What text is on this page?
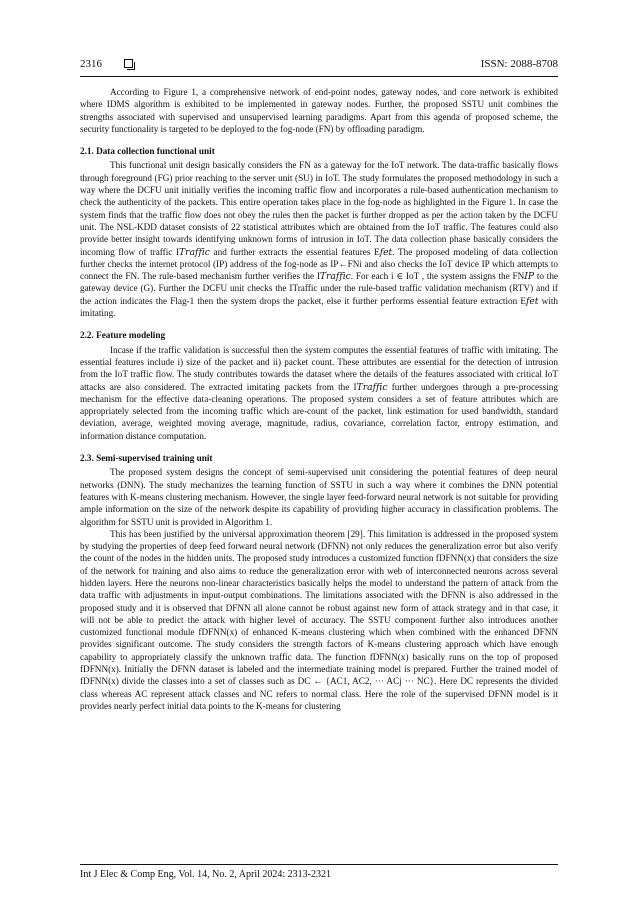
2316	ISSN: 2088-8708

According to Figure 1, a comprehensive network of end-point nodes, gateway nodes, and core network is exhibited where IDMS algorithm is exhibited to be implemented in gateway nodes. Further, the proposed SSTU unit combines the strengths associated with supervised and unsupervised learning paradigms. Apart from this agenda of proposed scheme, the security functionality is targeted to be deployed to the fog-node (FN) by offloading paradigm.

2.1. Data collection functional unit

This functional unit design basically considers the FN as a gateway for the IoT network. The data-traffic basically flows through foreground (FG) prior reaching to the server unit (SU) in IoT. The study formulates the proposed methodology in such a way where the DCFU unit initially verifies the incoming traffic flow and incorporates a rule-based authentication mechanism to check the authenticity of the packets. This entire operation takes place in the fog-node as highlighted in the Figure 1. In case the system finds that the traffic flow does not obey the rules then the packet is further dropped as per the action taken by the DCFU unit. The NSL-KDD dataset consists of 22 statistical attributes which are obtained from the IoT traffic. The features could also provide better insight towards identifying unknown forms of intrusion in IoT. The data collection phase basically considers the incoming flow of traffic I𝑇𝑟𝑎𝑓𝑓𝑖𝑐 and further extracts the essential features E𝑓𝑒𝑡. The proposed modeling of data collection further checks the internet protocol (IP) address of the fog-node as IP←FNi and also checks the IoT device IP which attempts to connect the FN. The rule-based mechanism further verifies the I𝑇𝑟𝑎𝑓𝑓𝑖𝑐. For each i ∈ IoT , the system assigns the FN𝐼𝑃 to the gateway device (G). Further the DCFU unit checks the ITraffic under the rule-based traffic validation mechanism (RTV) and if the action indicates the Flag-1 then the system drops the packet, else it further performs essential feature extraction E𝑓𝑒𝑡 with imitating.

2.2. Feature modeling

Incase if the traffic validation is successful then the system computes the essential features of traffic with imitating. The essential features include i) size of the packet and ii) packet count. These attributes are essential for the detection of intrusion from the IoT traffic flow. The study contributes towards the dataset where the details of the features associated with critical IoT attacks are also considered. The extracted imitating packets from the I𝑇𝑟𝑎𝑓𝑓𝑖𝑐 further undergoes through a pre-processing mechanism for the effective data-cleaning operations. The proposed system considers a set of feature attributes which are appropriately selected from the incoming traffic which are-count of the packet, link estimation for used bandwidth, standard deviation, average, weighted moving average, magnitude, radius, covariance, correlation factor, entropy estimation, and information distance computation.

2.3. Semi-supervised training unit

The proposed system designs the concept of semi-supervised unit considering the potential features of deep neural networks (DNN). The study mechanizes the learning function of SSTU in such a way where it combines the DNN potential features with K-means clustering mechanism. However, the single layer feed-forward neural network is not suitable for providing ample information on the size of the network despite its capability of providing higher accuracy in classification problems. The algorithm for SSTU unit is provided in Algorithm 1.

This has been justified by the universal approximation theorem [29]. This limitation is addressed in the proposed system by studying the properties of deep feed forward neural network (DFNN) not only reduces the generalization error but also verify the count of the nodes in the hidden units. The proposed study introduces a customized function fDFNN(x) that considers the size of the network for training and also aims to reduce the generalization error with web of interconnected neurons across several hidden layers. Here the neurons non-linear characteristics basically helps the model to understand the pattern of attack from the data traffic with adjustments in input-output combinations. The limitations associated with the DFNN is also addressed in the proposed study and it is observed that DFNN all alone cannot be robust against new form of attack strategy and in that case, it will not be able to predict the attack with higher level of accuracy. The SSTU component further also introduces another customized functional module fDFNN(x) of enhanced K-means clustering which when combined with the enhanced DFNN provides significant outcome. The study considers the strength factors of K-means clustering approach which have enough capability to appropriately classify the unknown traffic data. The function fDFNN(x) basically runs on the top of proposed fDFNN(x). Initially the DFNN dataset is labeled and the intermediate training model is prepared. Further the trained model of fDFNN(x) divide the classes into a set of classes such as DC ← {AC1, AC2, ··· ACj ··· NC}. Here DC represents the divided class whereas AC represent attack classes and NC refers to normal class. Here the role of the supervised DFNN model is it provides nearly perfect initial data points to the K-means for clustering

Int J Elec & Comp Eng, Vol. 14, No. 2, April 2024: 2313-2321
